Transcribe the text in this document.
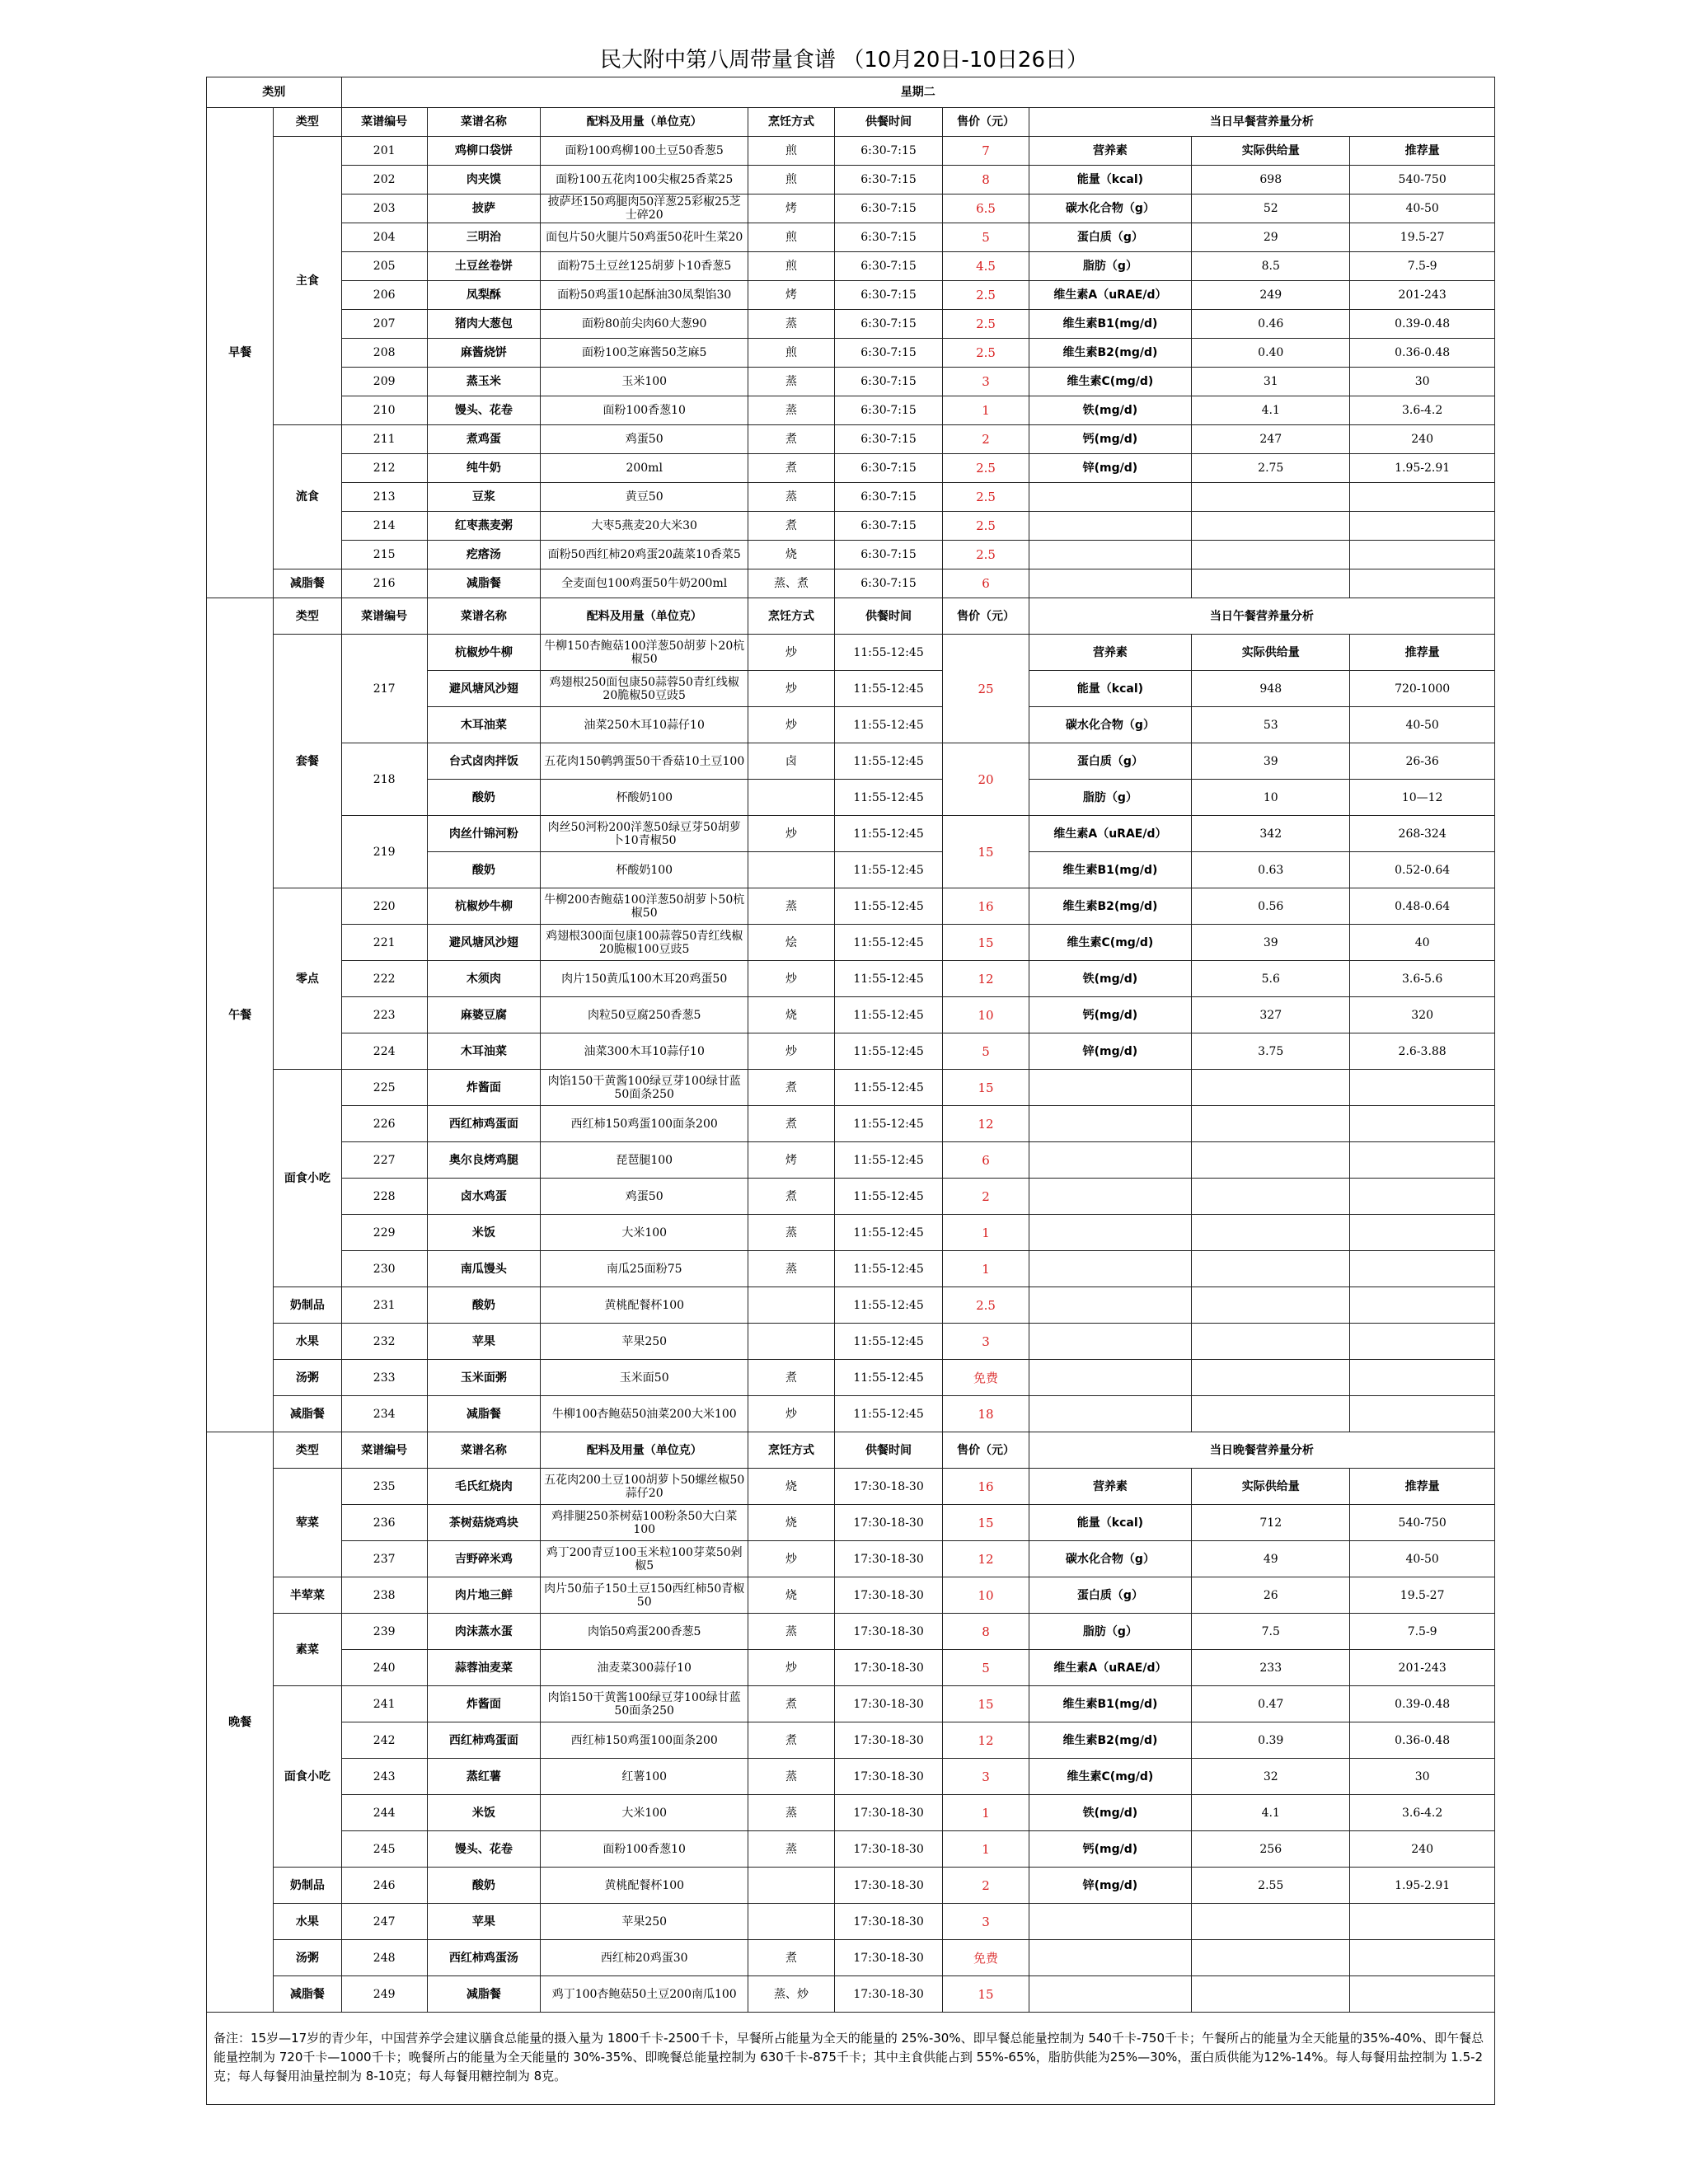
民大附中第八周带量食谱 （10月20日-10日26日）
类别		星期二								
早餐	类型	菜谱编号	菜谱名称	配料及用量（单位克）	烹饪方式	供餐时间	售价（元）	当日早餐营养量分析		
	主食	201	鸡柳口袋饼	面粉100鸡柳100土豆50香葱5	煎	6:30-7:15	7	营养素	实际供给量	推荐量
		202	肉夹馍	面粉100五花肉100尖椒25香菜25	煎	6:30-7:15	8	能量（kcal)	698	540-750
		203	披萨	披萨坯150鸡腿肉50洋葱25彩椒25芝士碎20	烤	6:30-7:15	6.5	碳水化合物（g）	52	40-50
		204	三明治	面包片50火腿片50鸡蛋50花叶生菜20	煎	6:30-7:15	5	蛋白质（g）	29	19.5-27
		205	土豆丝卷饼	面粉75土豆丝125胡萝卜10香葱5	煎	6:30-7:15	4.5	脂肪（g）	8.5	7.5-9
		206	凤梨酥	面粉50鸡蛋10起酥油30凤梨馅30	烤	6:30-7:15	2.5	维生素A（uRAE/d）	249	201-243
		207	猪肉大葱包	面粉80前尖肉60大葱90	蒸	6:30-7:15	2.5	维生素B1(mg/d)	0.46	0.39-0.48
		208	麻酱烧饼	面粉100芝麻酱50芝麻5	煎	6:30-7:15	2.5	维生素B2(mg/d)	0.40	0.36-0.48
		209	蒸玉米	玉米100	蒸	6:30-7:15	3	维生素C(mg/d)	31	30
		210	馒头、花卷	面粉100香葱10	蒸	6:30-7:15	1	铁(mg/d)	4.1	3.6-4.2
	流食	211	煮鸡蛋	鸡蛋50	煮	6:30-7:15	2	钙(mg/d)	247	240
		212	纯牛奶	200ml	煮	6:30-7:15	2.5	锌(mg/d)	2.75	1.95-2.91
		213	豆浆	黄豆50	蒸	6:30-7:15	2.5			
		214	红枣燕麦粥	大枣5燕麦20大米30	煮	6:30-7:15	2.5			
		215	疙瘩汤	面粉50西红柿20鸡蛋20蔬菜10香菜5	烧	6:30-7:15	2.5			
	减脂餐	216	减脂餐	全麦面包100鸡蛋50牛奶200ml	蒸、煮	6:30-7:15	6			
午餐	类型	菜谱编号	菜谱名称	配料及用量（单位克）	烹饪方式	供餐时间	售价（元）	当日午餐营养量分析		
	套餐	217	杭椒炒牛柳	牛柳150杏鲍菇100洋葱50胡萝卜20杭椒50	炒	11:55-12:45	25	营养素	实际供给量	推荐量
			避风塘风沙翅	鸡翅根250面包康50蒜蓉50青红线椒20脆椒50豆豉5	炒	11:55-12:45		能量（kcal)	948	720-1000
			木耳油菜	油菜250木耳10蒜仔10	炒	11:55-12:45		碳水化合物（g）	53	40-50
		218	台式卤肉拌饭	五花肉150鹌鹑蛋50干香菇10土豆100	卤	11:55-12:45	20	蛋白质（g）	39	26-36
			酸奶	杯酸奶100		11:55-12:45		脂肪（g）	10	10—12
		219	肉丝什锦河粉	肉丝50河粉200洋葱50绿豆芽50胡萝卜10青椒50	炒	11:55-12:45	15	维生素A（uRAE/d）	342	268-324
			酸奶	杯酸奶100		11:55-12:45		维生素B1(mg/d)	0.63	0.52-0.64
	零点	220	杭椒炒牛柳	牛柳200杏鲍菇100洋葱50胡萝卜50杭椒50	蒸	11:55-12:45	16	维生素B2(mg/d)	0.56	0.48-0.64
		221	避风塘风沙翅	鸡翅根300面包康100蒜蓉50青红线椒20脆椒100豆豉5	烩	11:55-12:45	15	维生素C(mg/d)	39	40
		222	木须肉	肉片150黄瓜100木耳20鸡蛋50	炒	11:55-12:45	12	铁(mg/d)	5.6	3.6-5.6
		223	麻婆豆腐	肉粒50豆腐250香葱5	烧	11:55-12:45	10	钙(mg/d)	327	320
		224	木耳油菜	油菜300木耳10蒜仔10	炒	11:55-12:45	5	锌(mg/d)	3.75	2.6-3.88
	面食小吃	225	炸酱面	肉馅150干黄酱100绿豆芽100绿甘蓝50面条250	煮	11:55-12:45	15			
		226	西红柿鸡蛋面	西红柿150鸡蛋100面条200	煮	11:55-12:45	12			
		227	奥尔良烤鸡腿	琵琶腿100	烤	11:55-12:45	6			
		228	卤水鸡蛋	鸡蛋50	煮	11:55-12:45	2			
		229	米饭	大米100	蒸	11:55-12:45	1			
		230	南瓜馒头	南瓜25面粉75	蒸	11:55-12:45	1			
	奶制品	231	酸奶	黄桃配餐杯100		11:55-12:45	2.5			
	水果	232	苹果	苹果250		11:55-12:45	3			
	汤粥	233	玉米面粥	玉米面50	煮	11:55-12:45	免费			
	减脂餐	234	减脂餐	牛柳100杏鲍菇50油菜200大米100	炒	11:55-12:45	18			
晚餐	类型	菜谱编号	菜谱名称	配料及用量（单位克）	烹饪方式	供餐时间	售价（元）	当日晚餐营养量分析		
	荤菜	235	毛氏红烧肉	五花肉200土豆100胡萝卜50螺丝椒50蒜仔20	烧	17:30-18-30	16	营养素	实际供给量	推荐量
		236	茶树菇烧鸡块	鸡排腿250茶树菇100粉条50大白菜100	烧	17:30-18-30	15	能量（kcal)	712	540-750
		237	吉野碎米鸡	鸡丁200青豆100玉米粒100芽菜50剁椒5	炒	17:30-18-30	12	碳水化合物（g）	49	40-50
	半荤菜	238	肉片地三鲜	肉片50茄子150土豆150西红柿50青椒50	烧	17:30-18-30	10	蛋白质（g）	26	19.5-27
	素菜	239	肉沫蒸水蛋	肉馅50鸡蛋200香葱5	蒸	17:30-18-30	8	脂肪（g）	7.5	7.5-9
		240	蒜蓉油麦菜	油麦菜300蒜仔10	炒	17:30-18-30	5	维生素A（uRAE/d）	233	201-243
	面食小吃	241	炸酱面	肉馅150干黄酱100绿豆芽100绿甘蓝50面条250	煮	17:30-18-30	15	维生素B1(mg/d)	0.47	0.39-0.48
		242	西红柿鸡蛋面	西红柿150鸡蛋100面条200	煮	17:30-18-30	12	维生素B2(mg/d)	0.39	0.36-0.48
		243	蒸红薯	红薯100	蒸	17:30-18-30	3	维生素C(mg/d)	32	30
		244	米饭	大米100	蒸	17:30-18-30	1	铁(mg/d)	4.1	3.6-4.2
		245	馒头、花卷	面粉100香葱10	蒸	17:30-18-30	1	钙(mg/d)	256	240
	奶制品	246	酸奶	黄桃配餐杯100		17:30-18-30	2	锌(mg/d)	2.55	1.95-2.91
	水果	247	苹果	苹果250		17:30-18-30	3			
	汤粥	248	西红柿鸡蛋汤	西红柿20鸡蛋30	煮	17:30-18-30	免费			
	减脂餐	249	减脂餐	鸡丁100杏鲍菇50土豆200南瓜100	蒸、炒	17:30-18-30	15			
备注：15岁—17岁的青少年，中国营养学会建议膳食总能量的摄入量为 1800千卡-2500千卡，早餐所占能量为全天的能量的 25%-30%、即早餐总能量控制为 540千卡-750千卡；午餐所占的能量为全天能量的35%-40%、即午餐总能量控制为 720千卡—1000千卡；晚餐所占的能量为全天能量的 30%-35%、即晚餐总能量控制为 630千卡-875千卡；其中主食供能占到 55%-65%，脂肪供能为25%—30%，蛋白质供能为12%-14%。每人每餐用盐控制为 1.5-2克；每人每餐用油量控制为 8-10克；每人每餐用糖控制为 8克。										
